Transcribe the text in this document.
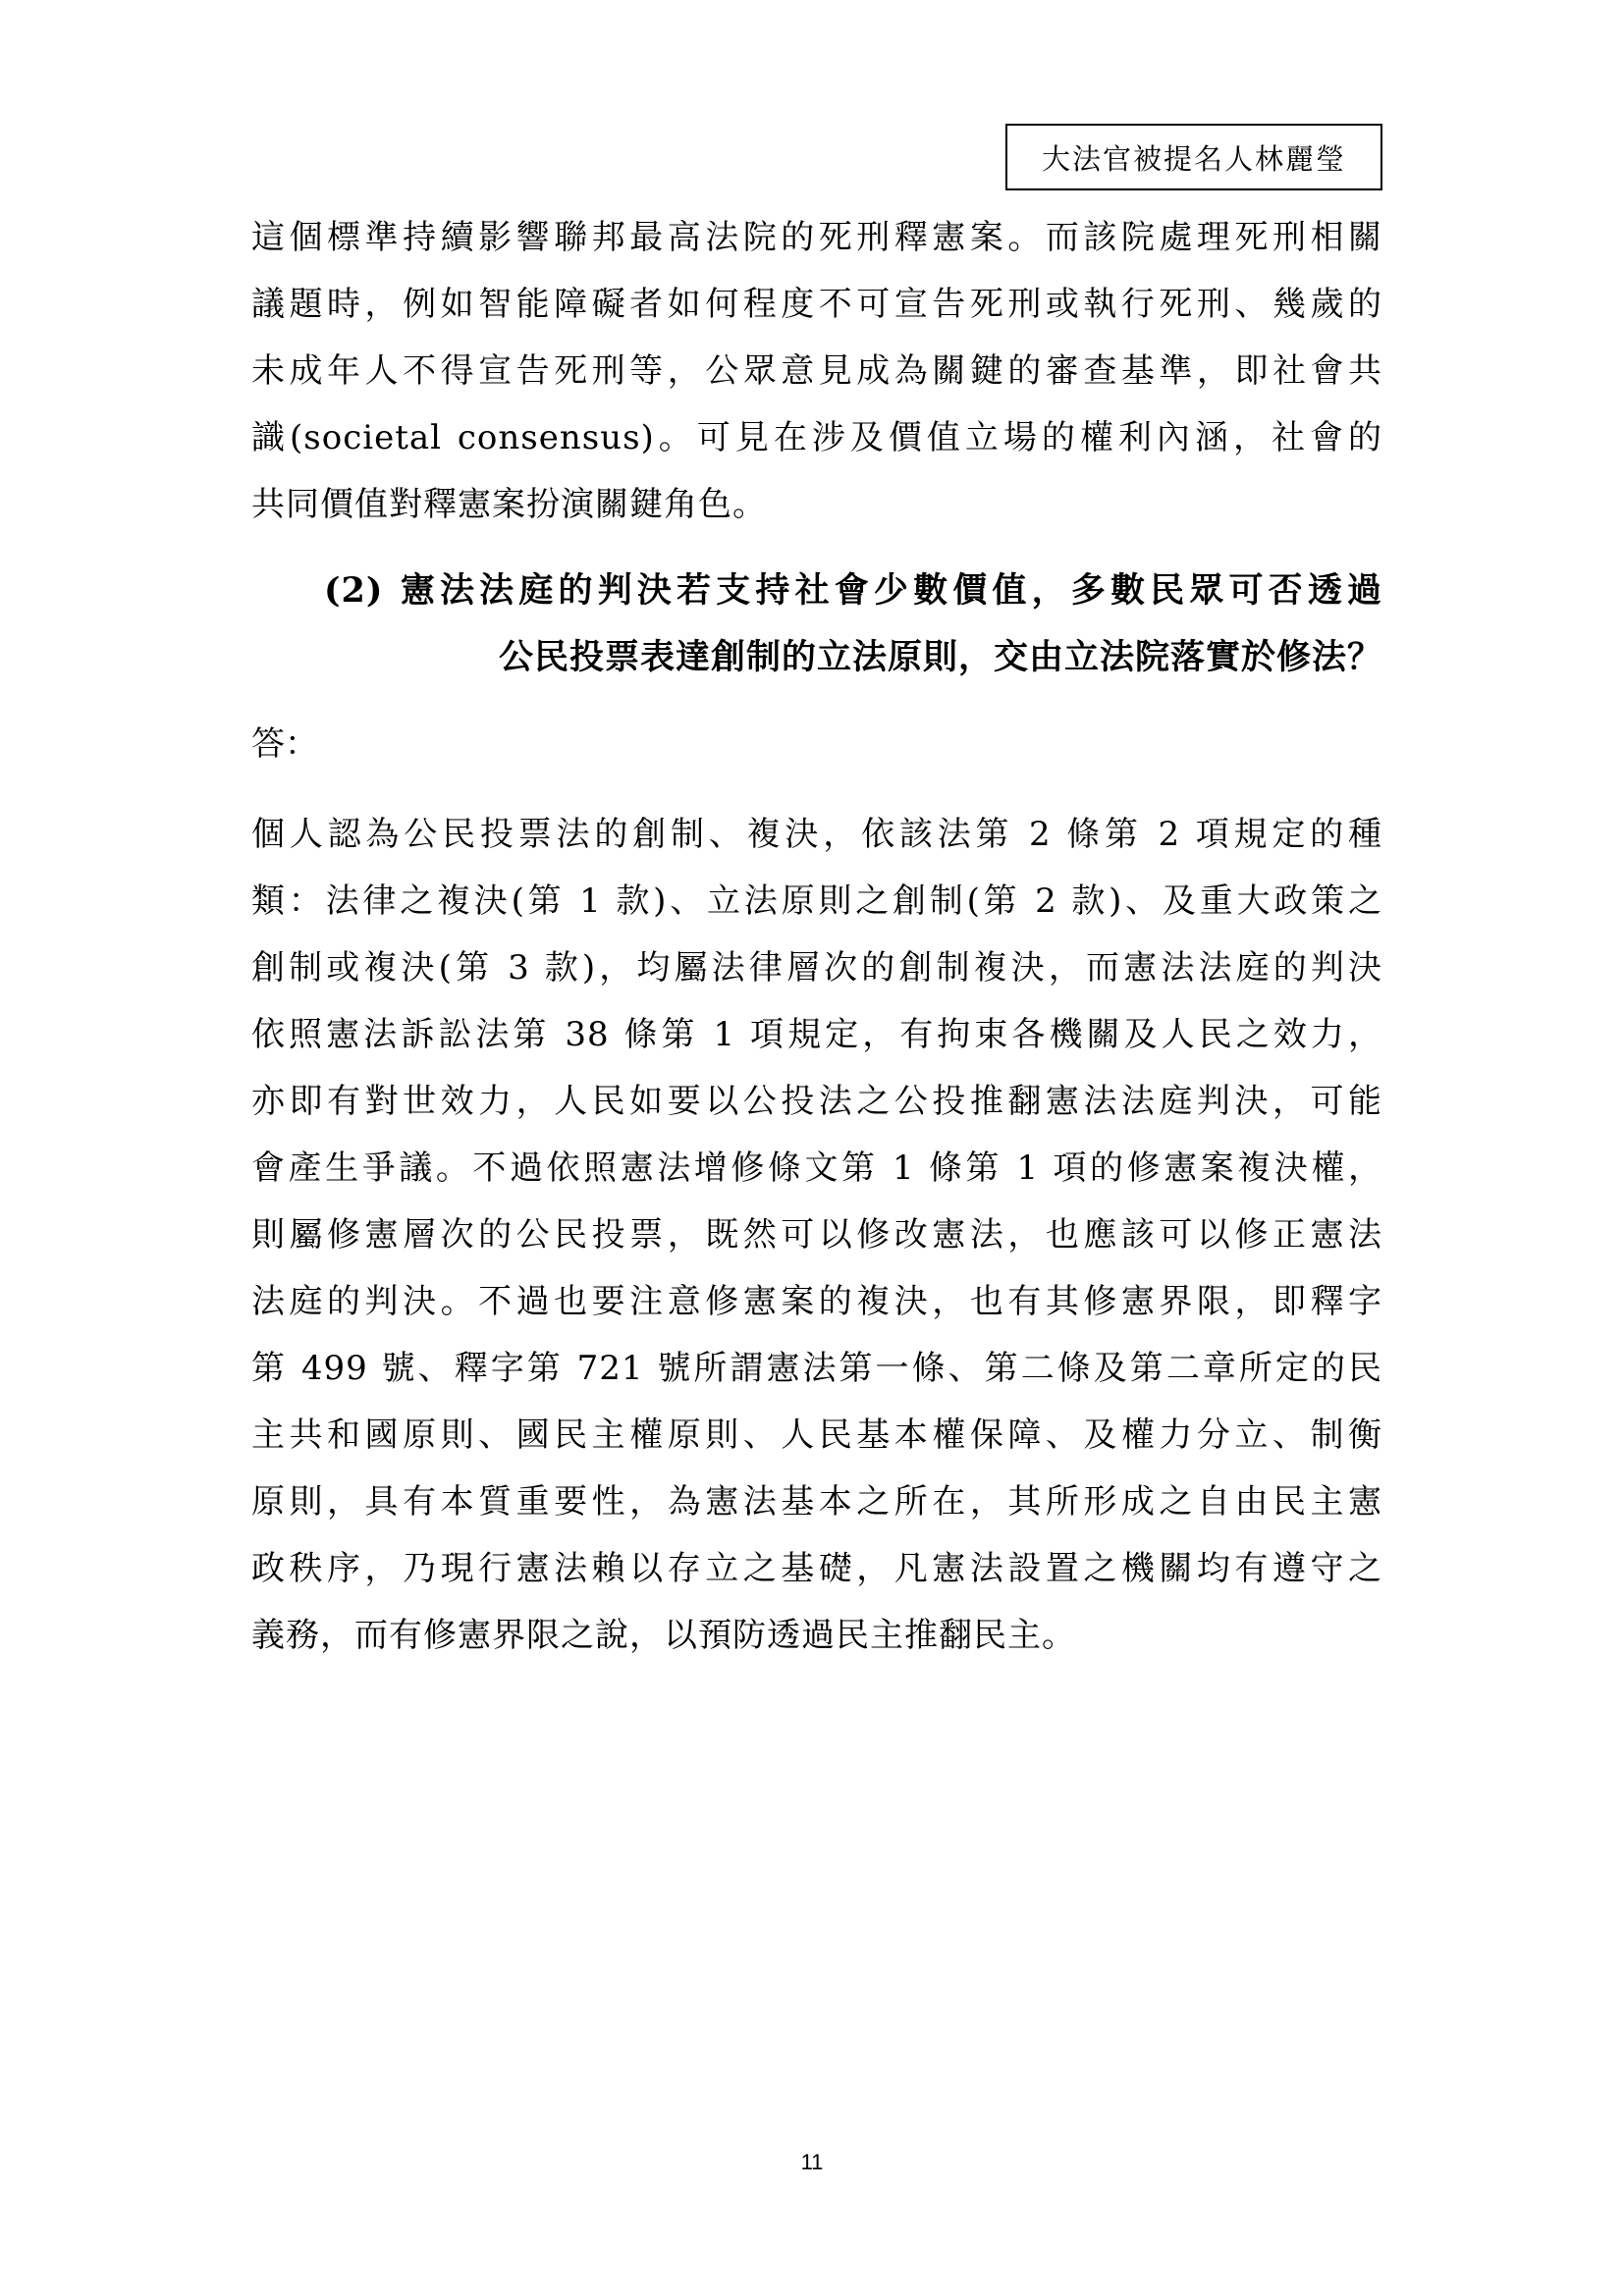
大法官被提名人林麗瑩
這個標準持續影響聯邦最高法院的死刑釋憲案。而該院處理死刑相關
議題時，例如智能障礙者如何程度不可宣告死刑或執行死刑、幾歲的
未成年人不得宣告死刑等，公眾意見成為關鍵的審查基準，即社會共
識(societal consensus)。可見在涉及價值立場的權利內涵，社會的
共同價值對釋憲案扮演關鍵角色。
(2) 憲法法庭的判決若支持社會少數價值，多數民眾可否透過
公民投票表達創制的立法原則，交由立法院落實於修法？
答：
個人認為公民投票法的創制、複決，依該法第 2 條第 2 項規定的種
類：法律之複決(第 1 款)、立法原則之創制(第 2 款)、及重大政策之
創制或複決(第 3 款)，均屬法律層次的創制複決，而憲法法庭的判決
依照憲法訴訟法第 38 條第 1 項規定，有拘束各機關及人民之效力，
亦即有對世效力，人民如要以公投法之公投推翻憲法法庭判決，可能
會產生爭議。不過依照憲法增修條文第 1 條第 1 項的修憲案複決權，
則屬修憲層次的公民投票，既然可以修改憲法，也應該可以修正憲法
法庭的判決。不過也要注意修憲案的複決，也有其修憲界限，即釋字
第 499 號、釋字第 721 號所謂憲法第一條、第二條及第二章所定的民
主共和國原則、國民主權原則、人民基本權保障、及權力分立、制衡
原則，具有本質重要性，為憲法基本之所在，其所形成之自由民主憲
政秩序，乃現行憲法賴以存立之基礎，凡憲法設置之機關均有遵守之
義務，而有修憲界限之說，以預防透過民主推翻民主。
11
